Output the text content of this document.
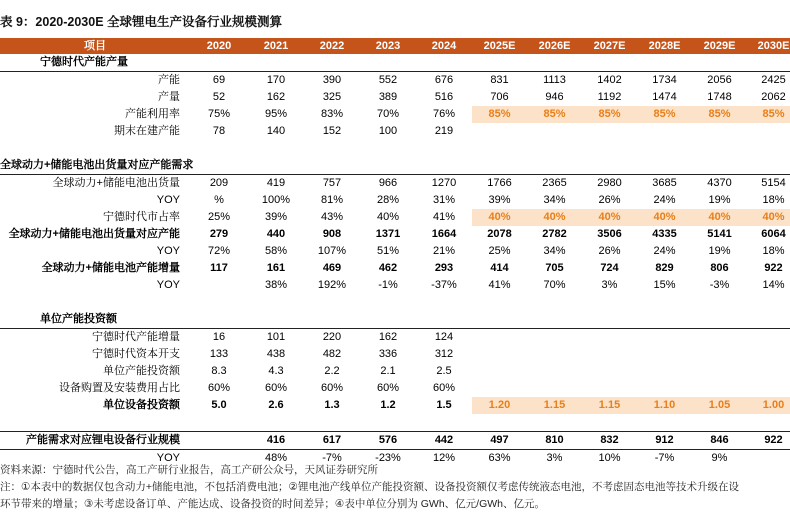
表 9：2020-2030E 全球锂电生产设备行业规模测算
项目	2020	2021	2022	2023	2024	2025E	2026E	2027E	2028E	2029E	2030E
宁德时代产能产量											
产能	69	170	390	552	676	831	1113	1402	1734	2056	2425
产量	52	162	325	389	516	706	946	1192	1474	1748	2062
产能利用率	75%	95%	83%	70%	76%	85%	85%	85%	85%	85%	85%
期末在建产能	78	140	152	100	219						

全球动力+储能电池出货量对应产能需求											
全球动力+储能电池出货量	209	419	757	966	1270	1766	2365	2980	3685	4370	5154
YOY	%	100%	81%	28%	31%	39%	34%	26%	24%	19%	18%
宁德时代市占率	25%	39%	43%	40%	41%	40%	40%	40%	40%	40%	40%
全球动力+储能电池出货量对应产能	279	440	908	1371	1664	2078	2782	3506	4335	5141	6064
YOY	72%	58%	107%	51%	21%	25%	34%	26%	24%	19%	18%
全球动力+储能电池产能增量	117	161	469	462	293	414	705	724	829	806	922
YOY		38%	192%	-1%	-37%	41%	70%	3%	15%	-3%	14%

单位产能投资额											
宁德时代产能增量	16	101	220	162	124						
宁德时代资本开支	133	438	482	336	312						
单位产能投资额	8.3	4.3	2.2	2.1	2.5						
设备购置及安装费用占比	60%	60%	60%	60%	60%						
单位设备投资额	5.0	2.6	1.3	1.2	1.5	1.20	1.15	1.15	1.10	1.05	1.00

产能需求对应锂电设备行业规模		416	617	576	442	497	810	832	912	846	922
YOY		48%	-7%	-23%	12%	63%	3%	10%	-7%	9%	
资料来源：宁德时代公告，高工产研行业报告，高工产研公众号，天风证券研究所
注：①本表中的数据仅包含动力+储能电池，不包括消费电池；②锂电池产线单位产能投资额、设备投资额仅考虑传统液态电池，不考虑固态电池等技术升级在设
环节带来的增量；③未考虑设备订单、产能达成、设备投资的时间差异；④表中单位分别为 GWh、亿元/GWh、亿元。
